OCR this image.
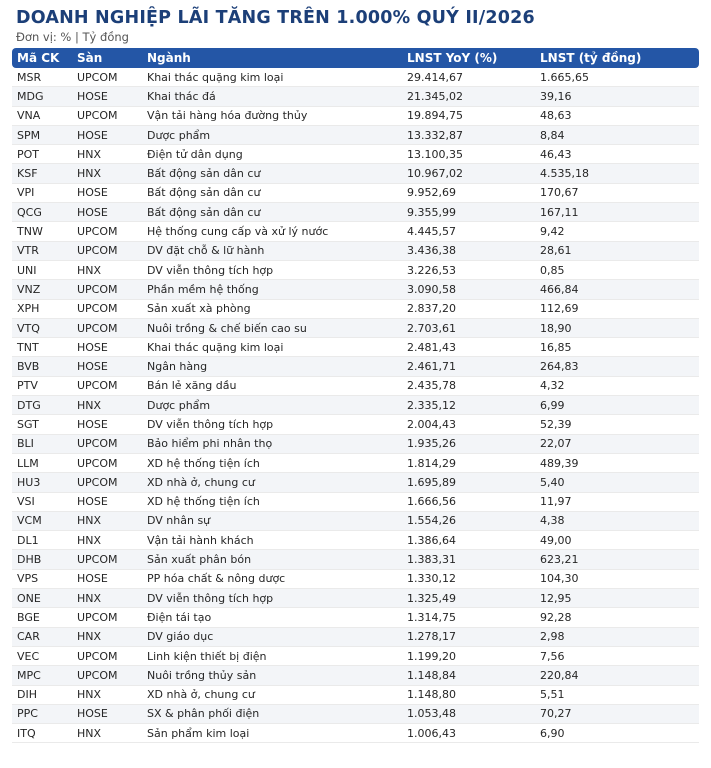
DOANH NGHIỆP LÃI TĂNG TRÊN 1.000% QUÝ II/2026
Đơn vị: % | Tỷ đồng
Mã CK	Sàn	Ngành	LNST YoY (%)	LNST (tỷ đồng)
MSR	UPCOM	Khai thác quặng kim loại	29.414,67	1.665,65
MDG	HOSE	Khai thác đá	21.345,02	39,16
VNA	UPCOM	Vận tải hàng hóa đường thủy	19.894,75	48,63
SPM	HOSE	Dược phẩm	13.332,87	8,84
POT	HNX	Điện tử dân dụng	13.100,35	46,43
KSF	HNX	Bất động sản dân cư	10.967,02	4.535,18
VPI	HOSE	Bất động sản dân cư	9.952,69	170,67
QCG	HOSE	Bất động sản dân cư	9.355,99	167,11
TNW	UPCOM	Hệ thống cung cấp và xử lý nước	4.445,57	9,42
VTR	UPCOM	DV đặt chỗ & lữ hành	3.436,38	28,61
UNI	HNX	DV viễn thông tích hợp	3.226,53	0,85
VNZ	UPCOM	Phần mềm hệ thống	3.090,58	466,84
XPH	UPCOM	Sản xuất xà phòng	2.837,20	112,69
VTQ	UPCOM	Nuôi trồng & chế biến cao su	2.703,61	18,90
TNT	HOSE	Khai thác quặng kim loại	2.481,43	16,85
BVB	HOSE	Ngân hàng	2.461,71	264,83
PTV	UPCOM	Bán lẻ xăng dầu	2.435,78	4,32
DTG	HNX	Dược phẩm	2.335,12	6,99
SGT	HOSE	DV viễn thông tích hợp	2.004,43	52,39
BLI	UPCOM	Bảo hiểm phi nhân thọ	1.935,26	22,07
LLM	UPCOM	XD hệ thống tiện ích	1.814,29	489,39
HU3	UPCOM	XD nhà ở, chung cư	1.695,89	5,40
VSI	HOSE	XD hệ thống tiện ích	1.666,56	11,97
VCM	HNX	DV nhân sự	1.554,26	4,38
DL1	HNX	Vận tải hành khách	1.386,64	49,00
DHB	UPCOM	Sản xuất phân bón	1.383,31	623,21
VPS	HOSE	PP hóa chất & nông dược	1.330,12	104,30
ONE	HNX	DV viễn thông tích hợp	1.325,49	12,95
BGE	UPCOM	Điện tái tạo	1.314,75	92,28
CAR	HNX	DV giáo dục	1.278,17	2,98
VEC	UPCOM	Linh kiện thiết bị điện	1.199,20	7,56
MPC	UPCOM	Nuôi trồng thủy sản	1.148,84	220,84
DIH	HNX	XD nhà ở, chung cư	1.148,80	5,51
PPC	HOSE	SX & phân phối điện	1.053,48	70,27
ITQ	HNX	Sản phẩm kim loại	1.006,43	6,90
